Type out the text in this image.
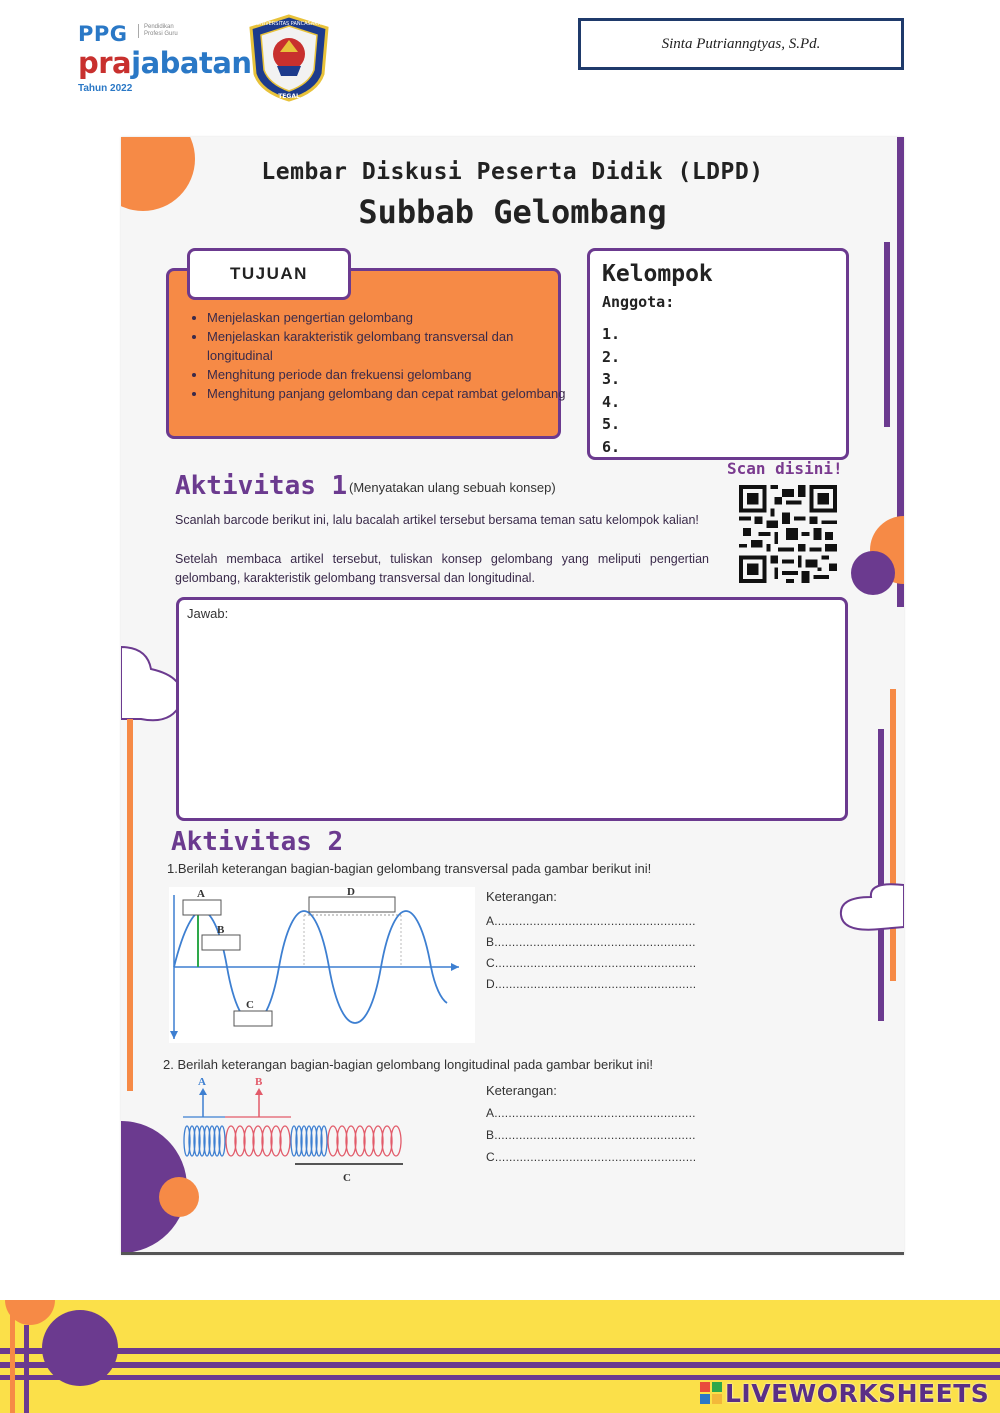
PPG	Pendidikan Profesi Guru
prajabatan
Tahun 2022
UNIVERSITAS PANCASAKTI
TEGAL
Sinta Putrianngtyas, S.Pd.
Lembar Diskusi Peserta Didik (LDPD)
Subbab Gelombang
TUJUAN
• Menjelaskan pengertian gelombang
• Menjelaskan karakteristik gelombang transversal dan longitudinal
• Menghitung periode dan frekuensi gelombang
• Menghitung panjang gelombang dan cepat rambat gelombang
Kelompok
Anggota:
1.
2.
3.
4.
5.
6.
Scan disini!
Aktivitas 1 (Menyatakan ulang sebuah konsep)

Scanlah barcode berikut ini, lalu bacalah artikel tersebut bersama teman satu kelompok kalian!

Setelah membaca artikel tersebut, tuliskan konsep gelombang yang meliputi pengertian gelombang, karakteristik gelombang transversal dan longitudinal.

Jawab:
Aktivitas 2
1.Berilah keterangan bagian-bagian gelombang transversal pada gambar berikut ini!
A
B
C
D	Keterangan:
A.........................................................
B.........................................................
C.........................................................
D.........................................................
2. Berilah keterangan bagian-bagian gelombang longitudinal pada gambar berikut ini!
A	B
C
Keterangan:
A.........................................................
B.........................................................
C.........................................................
LIVEWORKSHEETS
